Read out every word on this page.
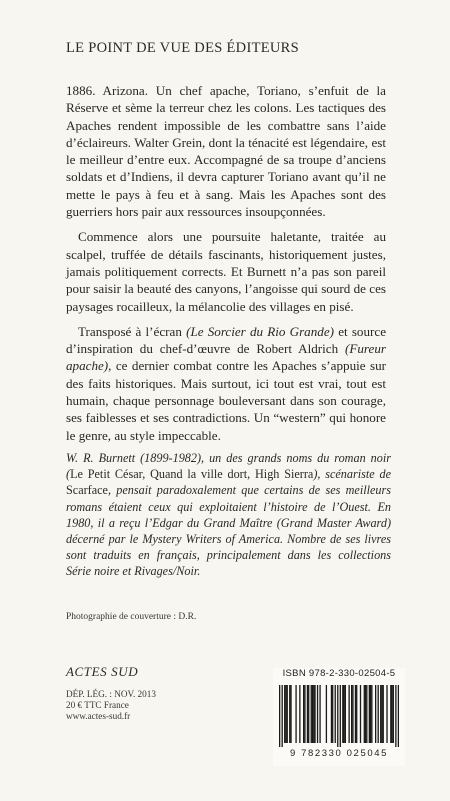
LE POINT DE VUE DES ÉDITEURS

1886. Arizona. Un chef apache, Toriano, s’enfuit de la Réserve et sème la terreur chez les colons. Les tactiques des Apaches rendent impossible de les combattre sans l’aide d’éclaireurs. Walter Grein, dont la ténacité est légendaire, est le meilleur d’entre eux. Accompagné de sa troupe d’anciens soldats et d’Indiens, il devra capturer Toriano avant qu’il ne mette le pays à feu et à sang. Mais les Apaches sont des guerriers hors pair aux ressources insoupçonnées.

Commence alors une poursuite haletante, traitée au scalpel, truffée de détails fascinants, historiquement justes, jamais politiquement corrects. Et Burnett n’a pas son pareil pour saisir la beauté des canyons, l’angoisse qui sourd de ces paysages rocailleux, la mélancolie des villages en pisé.

Transposé à l’écran (Le Sorcier du Rio Grande) et source d’inspiration du chef-d’œuvre de Robert Aldrich (Fureur apache), ce dernier combat contre les Apaches s’appuie sur des faits historiques. Mais surtout, ici tout est vrai, tout est humain, chaque personnage bouleversant dans son courage, ses faiblesses et ses contradictions. Un “western” qui honore le genre, au style impeccable.

W. R. Burnett (1899-1982), un des grands noms du roman noir (Le Petit César, Quand la ville dort, High Sierra), scénariste de Scarface, pensait paradoxalement que certains de ses meilleurs romans étaient ceux qui exploitaient l’histoire de l’Ouest. En 1980, il a reçu l’Edgar du Grand Maître (Grand Master Award) décerné par le Mystery Writers of America. Nombre de ses livres sont traduits en français, principalement dans les collections Série noire et Rivages/Noir.
Photographie de couverture : D.R.
ACTES SUD
DÉP. LÉG. : NOV. 2013
20 € TTC France
www.actes-sud.fr
ISBN 978-2-330-02504-5
9 782330 025045
